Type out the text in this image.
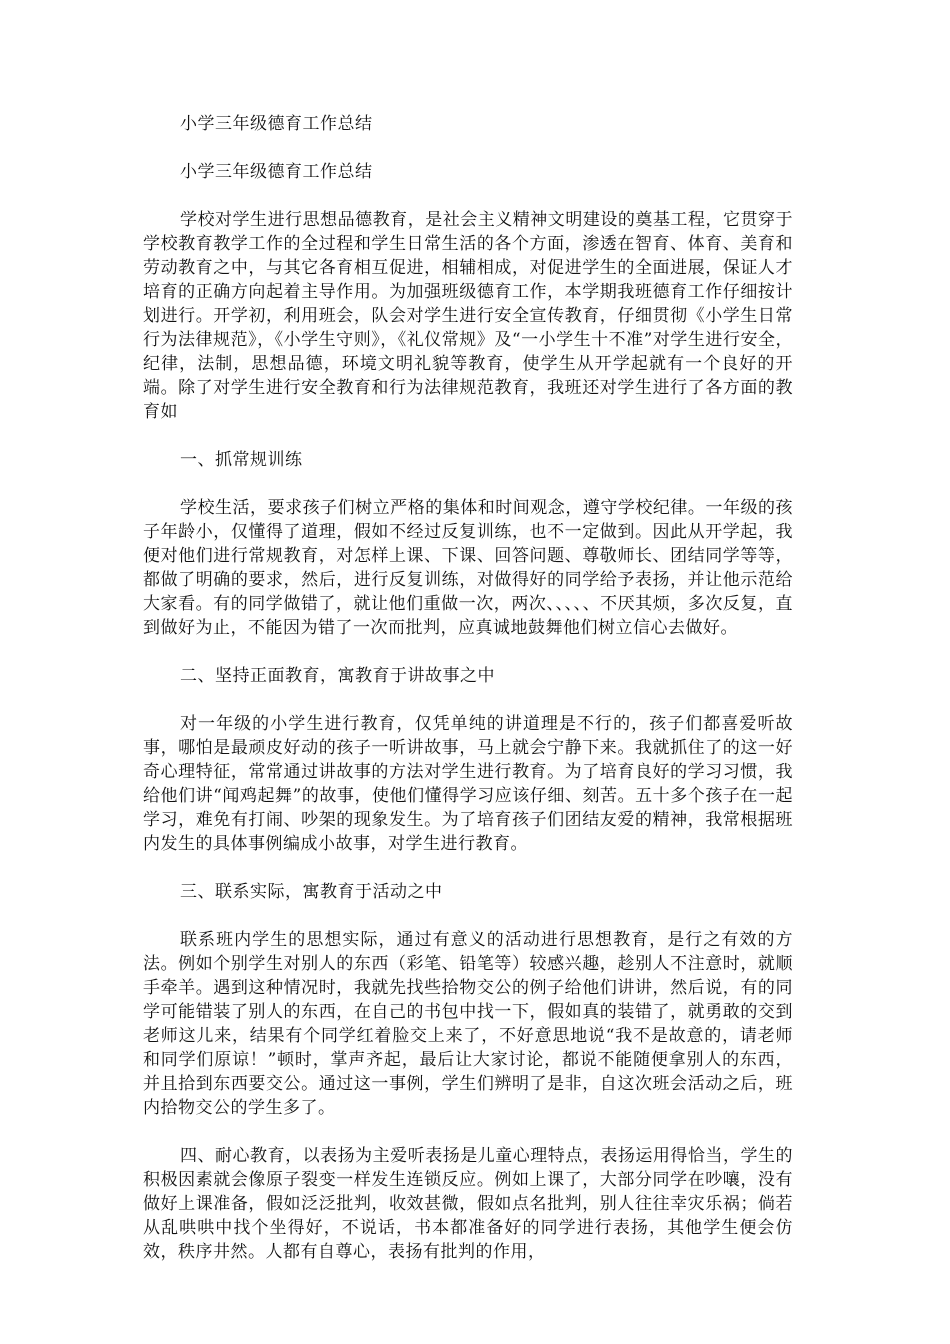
小学三年级德育工作总结

小学三年级德育工作总结

学校对学生进行思想品德教育，是社会主义精神文明建设的奠基工程，它贯穿于学校教育教学工作的全过程和学生日常生活的各个方面，渗透在智育、体育、美育和劳动教育之中，与其它各育相互促进，相辅相成，对促进学生的全面进展，保证人才培育的正确方向起着主导作用。为加强班级德育工作，本学期我班德育工作仔细按计划进行。开学初，利用班会，队会对学生进行安全宣传教育，仔细贯彻《小学生日常行为法律规范》，《小学生守则》，《礼仪常规》及“一小学生十不准”对学生进行安全，纪律，法制，思想品德，环境文明礼貌等教育，使学生从开学起就有一个良好的开端。除了对学生进行安全教育和行为法律规范教育，我班还对学生进行了各方面的教育如

一、抓常规训练

学校生活，要求孩子们树立严格的集体和时间观念，遵守学校纪律。一年级的孩子年龄小，仅懂得了道理，假如不经过反复训练，也不一定做到。因此从开学起，我便对他们进行常规教育，对怎样上课、下课、回答问题、尊敬师长、团结同学等等，都做了明确的要求，然后，进行反复训练，对做得好的同学给予表扬，并让他示范给大家看。有的同学做错了，就让他们重做一次，两次、、、、、不厌其烦，多次反复，直到做好为止，不能因为错了一次而批判，应真诚地鼓舞他们树立信心去做好。

二、坚持正面教育，寓教育于讲故事之中

对一年级的小学生进行教育，仅凭单纯的讲道理是不行的，孩子们都喜爱听故事，哪怕是最顽皮好动的孩子一听讲故事，马上就会宁静下来。我就抓住了的这一好奇心理特征，常常通过讲故事的方法对学生进行教育。为了培育良好的学习习惯，我给他们讲“闻鸡起舞”的故事，使他们懂得学习应该仔细、刻苦。五十多个孩子在一起学习，难免有打闹、吵架的现象发生。为了培育孩子们团结友爱的精神，我常根据班内发生的具体事例编成小故事，对学生进行教育。

三、联系实际，寓教育于活动之中

联系班内学生的思想实际，通过有意义的活动进行思想教育，是行之有效的方法。例如个别学生对别人的东西（彩笔、铅笔等）较感兴趣，趁别人不注意时，就顺手牵羊。遇到这种情况时，我就先找些拾物交公的例子给他们讲讲，然后说，有的同学可能错装了别人的东西，在自己的书包中找一下，假如真的装错了，就勇敢的交到老师这儿来，结果有个同学红着脸交上来了，不好意思地说“我不是故意的，请老师和同学们原谅！”顿时，掌声齐起，最后让大家讨论，都说不能随便拿别人的东西，并且拾到东西要交公。通过这一事例，学生们辨明了是非，自这次班会活动之后，班内拾物交公的学生多了。

四、耐心教育，以表扬为主爱听表扬是儿童心理特点，表扬运用得恰当，学生的积极因素就会像原子裂变一样发生连锁反应。例如上课了，大部分同学在吵嚷，没有做好上课准备，假如泛泛批判，收效甚微，假如点名批判，别人往往幸灾乐祸；倘若从乱哄哄中找个坐得好，不说话，书本都准备好的同学进行表扬，其他学生便会仿效，秩序井然。人都有自尊心，表扬有批判的作用，
